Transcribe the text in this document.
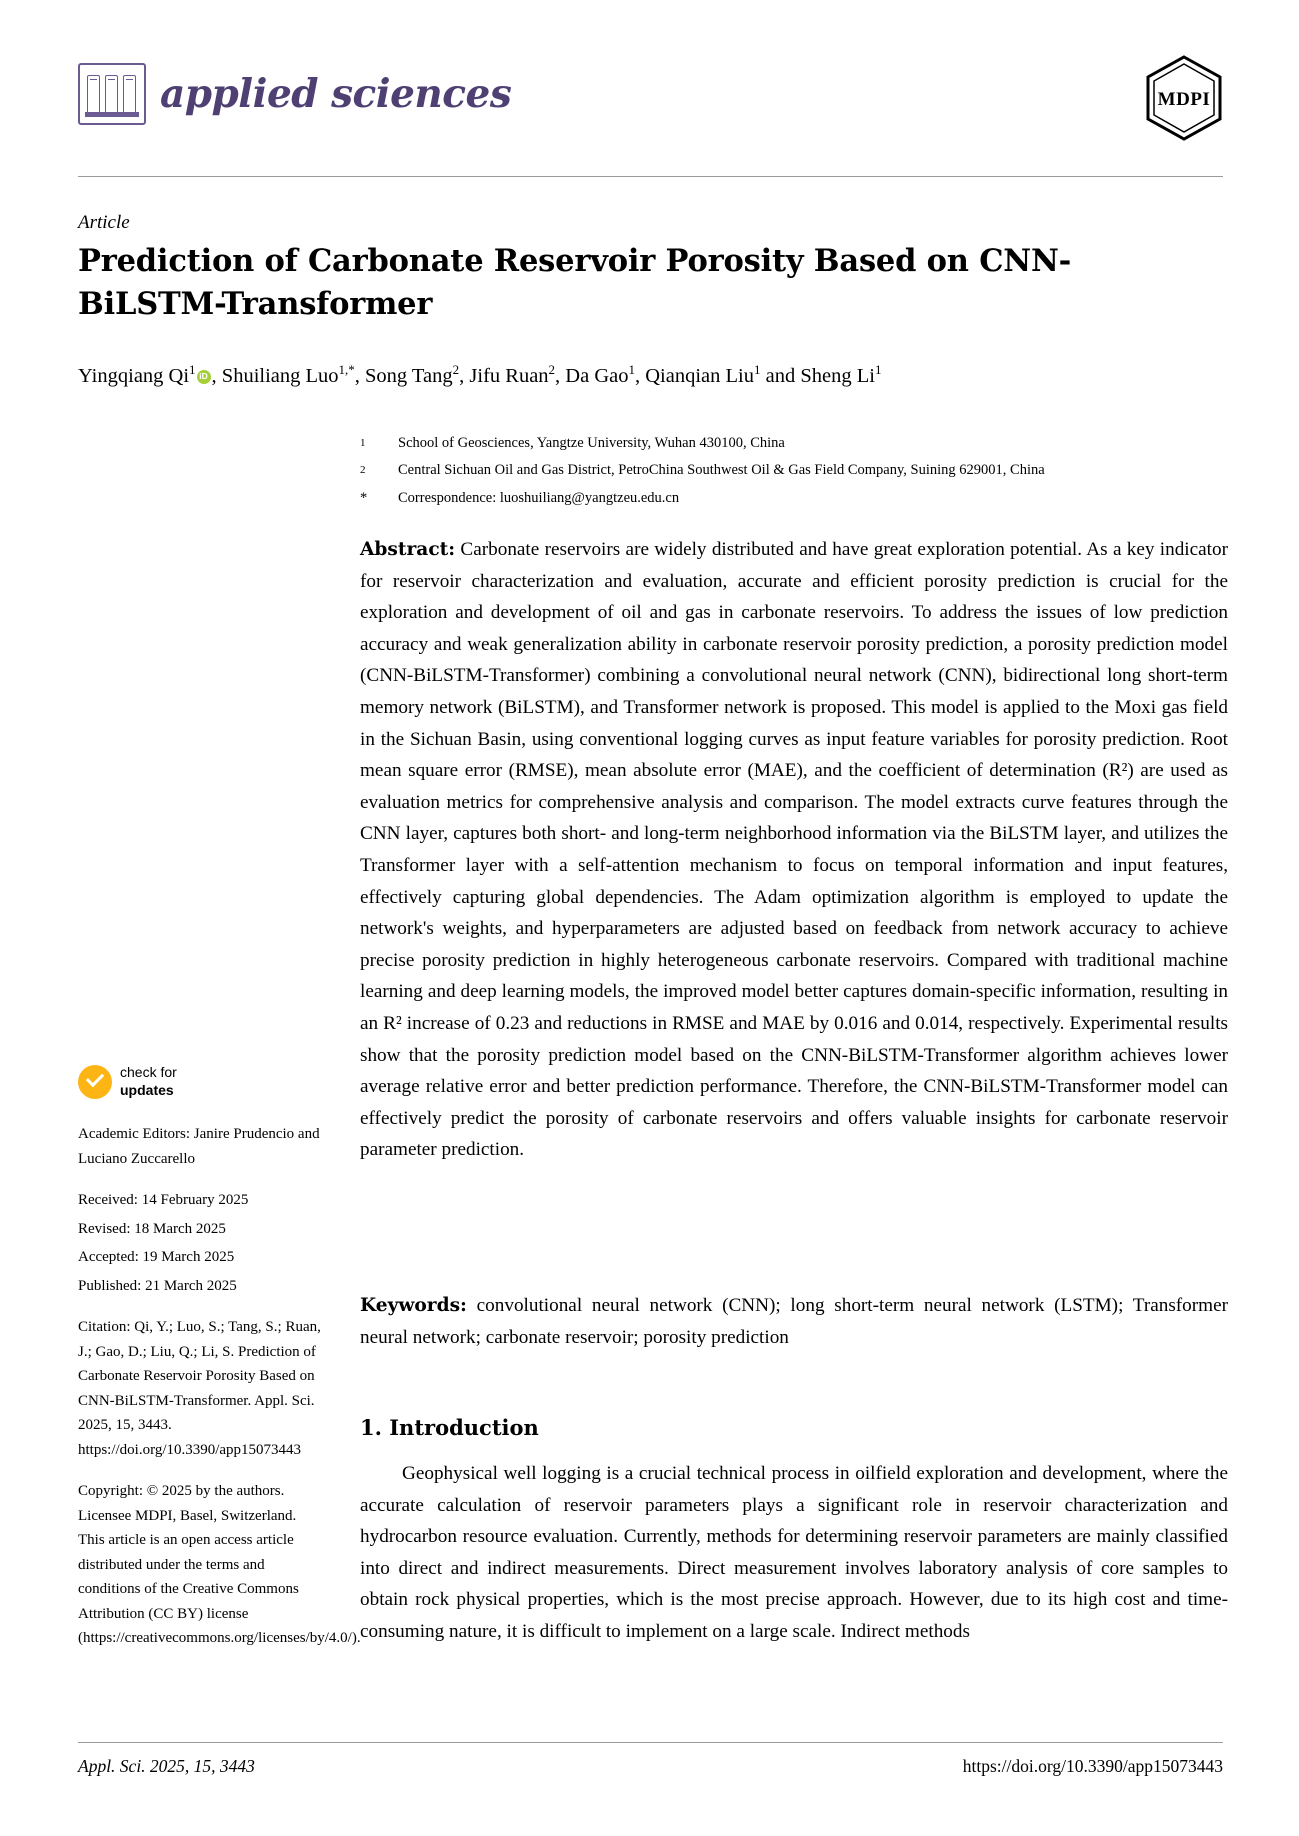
applied sciences	MDPI
Article
Prediction of Carbonate Reservoir Porosity Based on CNN-BiLSTM-Transformer
Yingqiang Qi$^1$ iD , Shuiliang Luo$^{1,*}$, Song Tang$^2$, Jifu Ruan$^2$, Da Gao$^1$, Qianqian Liu$^1$ and Sheng Li$^1$
$^1$	School of Geosciences, Yangtze University, Wuhan 430100, China
$^2$	Central Sichuan Oil and Gas District, PetroChina Southwest Oil & Gas Field Company, Suining 629001, China
*	Correspondence: luoshuiliang@yangtzeu.edu.cn
Abstract: Carbonate reservoirs are widely distributed and have great exploration potential. As a key indicator for reservoir characterization and evaluation, accurate and efficient porosity prediction is crucial for the exploration and development of oil and gas in carbonate reservoirs. To address the issues of low prediction accuracy and weak generalization ability in carbonate reservoir porosity prediction, a porosity prediction model (CNN-BiLSTM-Transformer) combining a convolutional neural network (CNN), bidirectional long short-term memory network (BiLSTM), and Transformer network is proposed. This model is applied to the Moxi gas field in the Sichuan Basin, using conventional logging curves as input feature variables for porosity prediction. Root mean square error (RMSE), mean absolute error (MAE), and the coefficient of determination (R²) are used as evaluation metrics for comprehensive analysis and comparison. The model extracts curve features through the CNN layer, captures both short- and long-term neighborhood information via the BiLSTM layer, and utilizes the Transformer layer with a self-attention mechanism to focus on temporal information and input features, effectively capturing global dependencies. The Adam optimization algorithm is employed to update the network's weights, and hyperparameters are adjusted based on feedback from network accuracy to achieve precise porosity prediction in highly heterogeneous carbonate reservoirs. Compared with traditional machine learning and deep learning models, the improved model better captures domain-specific information, resulting in an R² increase of 0.23 and reductions in RMSE and MAE by 0.016 and 0.014, respectively. Experimental results show that the porosity prediction model based on the CNN-BiLSTM-Transformer algorithm achieves lower average relative error and better prediction performance. Therefore, the CNN-BiLSTM-Transformer model can effectively predict the porosity of carbonate reservoirs and offers valuable insights for carbonate reservoir parameter prediction.
Keywords: convolutional neural network (CNN); long short-term neural network (LSTM); Transformer neural network; carbonate reservoir; porosity prediction
1. Introduction
Geophysical well logging is a crucial technical process in oilfield exploration and development, where the accurate calculation of reservoir parameters plays a significant role in reservoir characterization and hydrocarbon resource evaluation. Currently, methods for determining reservoir parameters are mainly classified into direct and indirect measurements. Direct measurement involves laboratory analysis of core samples to obtain rock physical properties, which is the most precise approach. However, due to its high cost and time-consuming nature, it is difficult to implement on a large scale. Indirect methods
check for
updates

Academic Editors: Janire Prudencio and Luciano Zuccarello

Received: 14 February 2025

Revised: 18 March 2025

Accepted: 19 March 2025

Published: 21 March 2025

Citation: Qi, Y.; Luo, S.; Tang, S.; Ruan, J.; Gao, D.; Liu, Q.; Li, S. Prediction of Carbonate Reservoir Porosity Based on CNN-BiLSTM-Transformer. Appl. Sci. 2025, 15, 3443. https://doi.org/10.3390/app15073443

Copyright: © 2025 by the authors. Licensee MDPI, Basel, Switzerland. This article is an open access article distributed under the terms and conditions of the Creative Commons Attribution (CC BY) license (https://creativecommons.org/licenses/by/4.0/).

Appl. Sci. 2025, 15, 3443	https://doi.org/10.3390/app15073443
